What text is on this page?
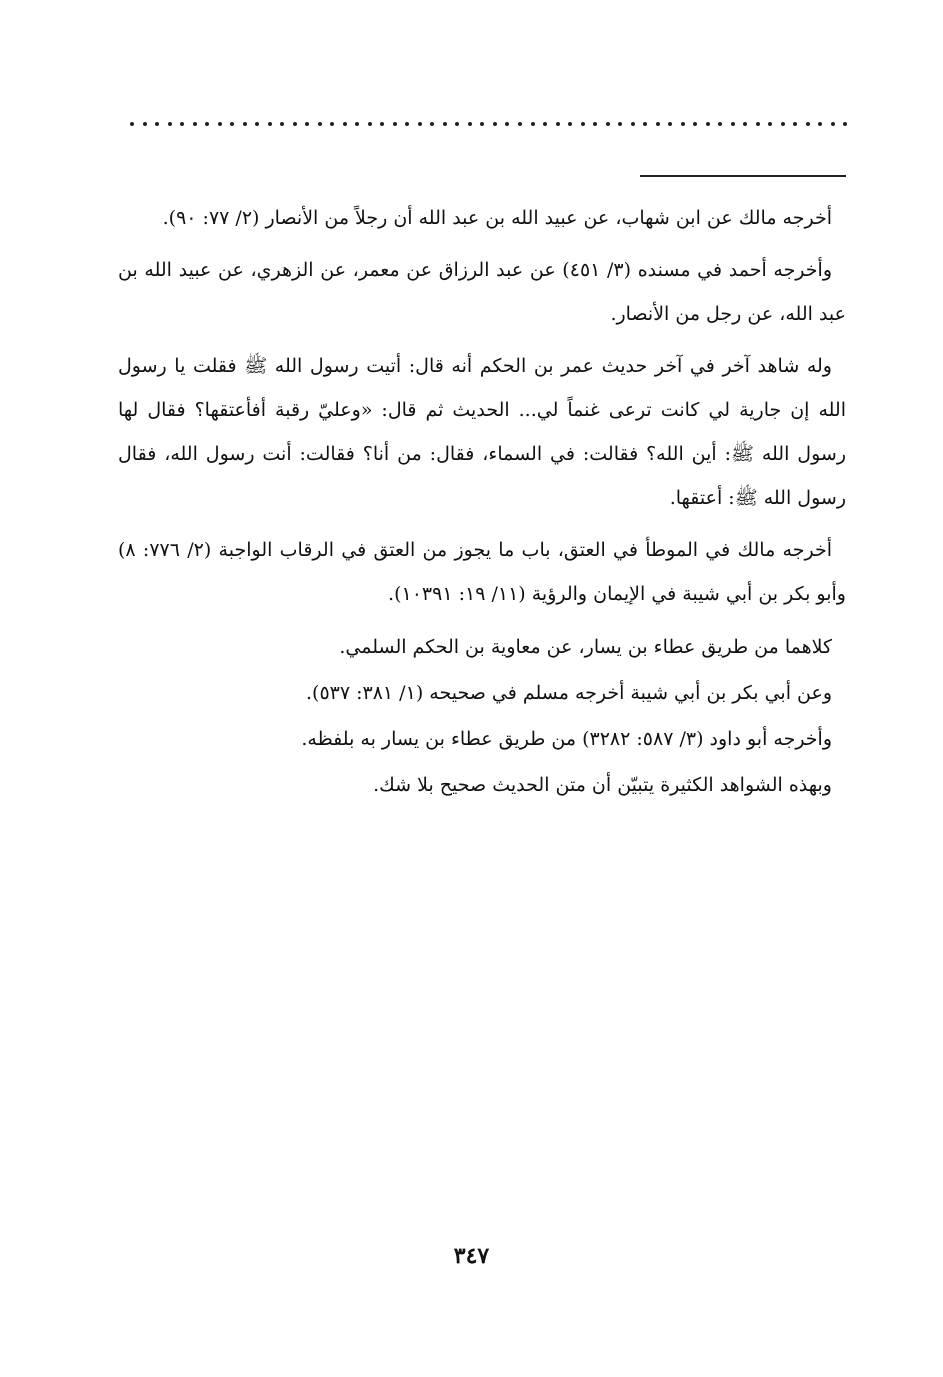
أخرجه مالك عن ابن شهاب، عن عبيد الله بن عبد الله أن رجلاً من الأنصار (٢/ ٧٧: ٩٠).

وأخرجه أحمد في مسنده (٣/ ٤٥١) عن عبد الرزاق عن معمر، عن الزهري، عن عبيد الله بن عبد الله، عن رجل من الأنصار.

وله شاهد آخر في آخر حديث عمر بن الحكم أنه قال: أتيت رسول الله ﷺ فقلت يا رسول الله إن جارية لي كانت ترعى غنماً لي... الحديث ثم قال: «وعليّ رقبة أفأعتقها؟ فقال لها رسول الله ﷺ: أين الله؟ فقالت: في السماء، فقال: من أنا؟ فقالت: أنت رسول الله، فقال رسول الله ﷺ: أعتقها.

أخرجه مالك في الموطأ في العتق، باب ما يجوز من العتق في الرقاب الواجبة (٢/ ٧٧٦: ٨) وأبو بكر بن أبي شيبة في الإيمان والرؤية (١١/ ١٩: ١٠٣٩١).

كلاهما من طريق عطاء بن يسار، عن معاوية بن الحكم السلمي.

وعن أبي بكر بن أبي شيبة أخرجه مسلم في صحيحه (١/ ٣٨١: ٥٣٧).

وأخرجه أبو داود (٣/ ٥٨٧: ٣٢٨٢) من طريق عطاء بن يسار به بلفظه.

وبهذه الشواهد الكثيرة يتبيّن أن متن الحديث صحيح بلا شك.

٣٤٧
